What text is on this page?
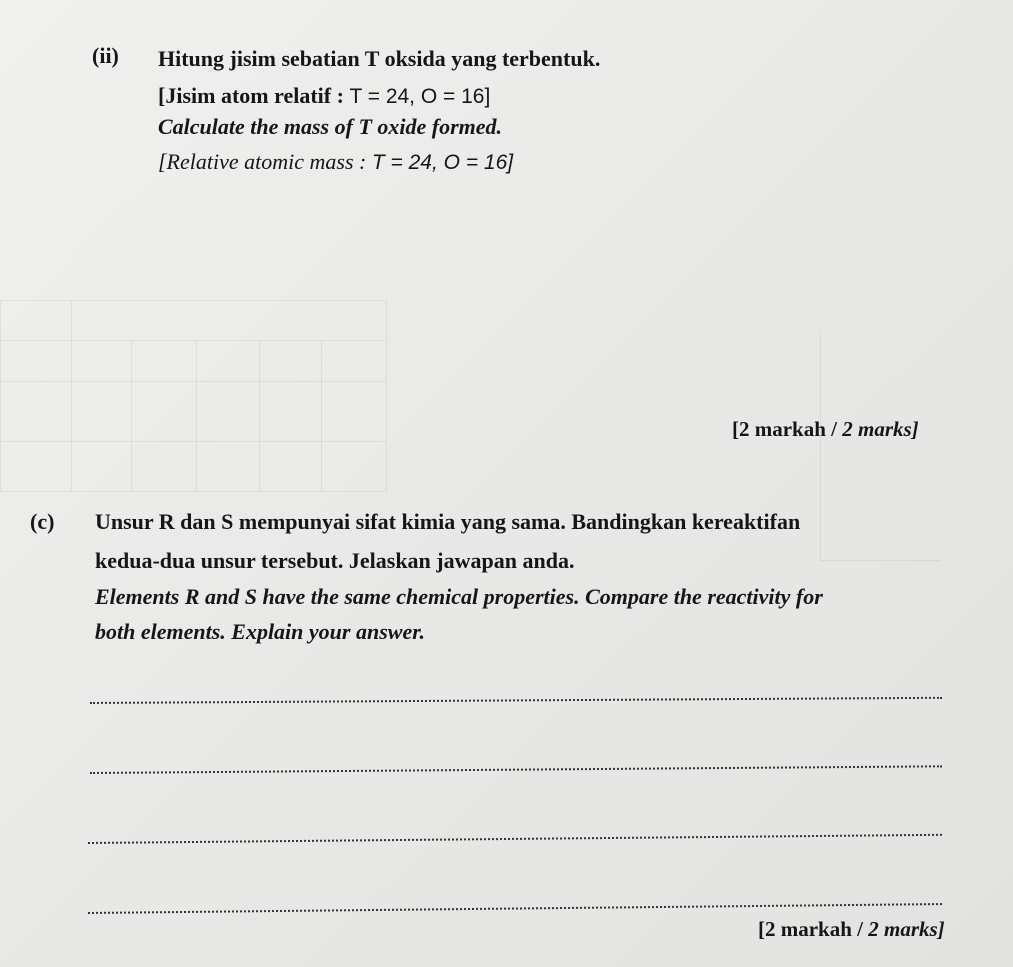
(ii) Hitung jisim sebatian T oksida yang terbentuk.
[Jisim atom relatif : T = 24, O = 16]
Calculate the mass of T oxide formed.
[Relative atomic mass : T = 24, O = 16]
[2 markah / 2 marks]
(c) Unsur R dan S mempunyai sifat kimia yang sama. Bandingkan kereaktifan
kedua-dua unsur tersebut. Jelaskan jawapan anda.
Elements R and S have the same chemical properties. Compare the reactivity for
both elements. Explain your answer.
[2 markah / 2 marks]
